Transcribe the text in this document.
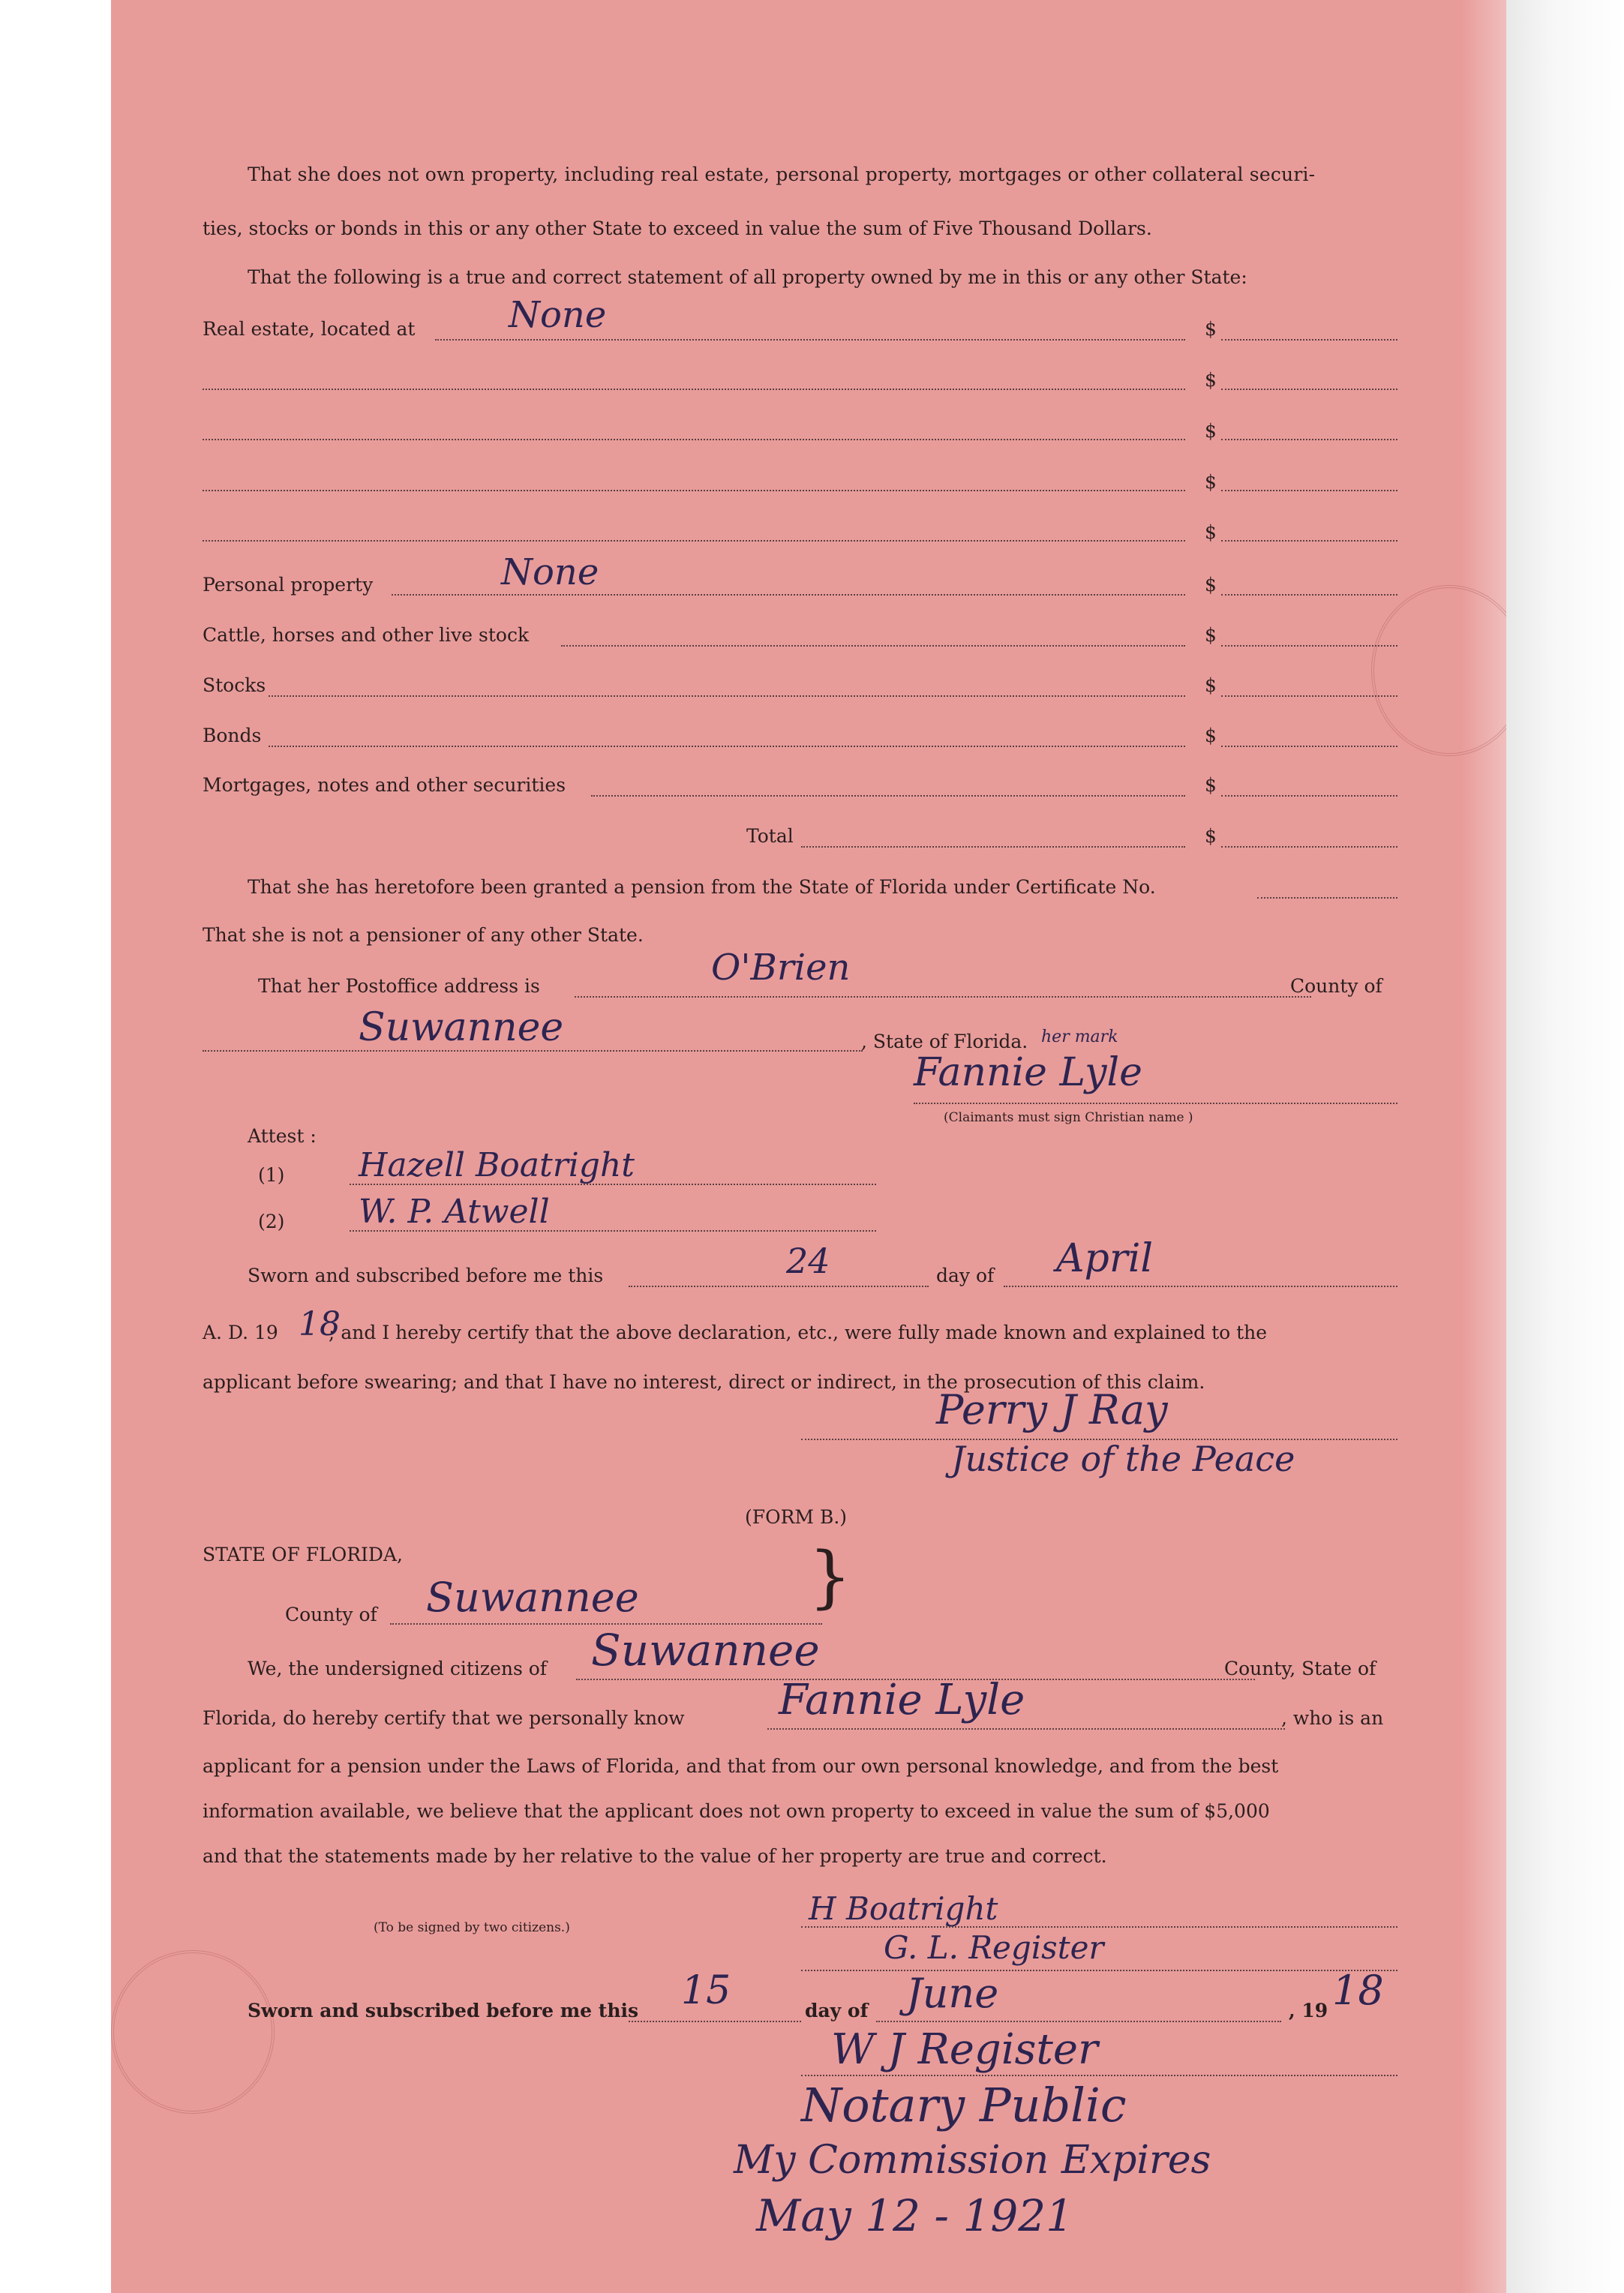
That she does not own property, including real estate, personal property, mortgages or other collateral securi-
ties, stocks or bonds in this or any other State to exceed in value the sum of Five Thousand Dollars.
That the following is a true and correct statement of all property owned by me in this or any other State:
Real estate, located at	None	$
$
$
$
$
Personal property	None	$
Cattle, horses and other live stock	$
Stocks	$
Bonds	$
Mortgages, notes and other securities	$
Total	$
That she has heretofore been granted a pension from the State of Florida under Certificate No.
That she is not a pensioner of any other State.
That her Postoffice address is	O'Brien	County of
Suwannee	, State of Florida. her mark
Fannie Lyle
(Claimants must sign Christian name )
Attest :
(1) Hazell Boatright
(2) W. P. Atwell
Sworn and subscribed before me this	24	day of April
A. D. 19 18
; and I hereby certify that the above declaration, etc., were fully made known and explained to the
applicant before swearing; and that I have no interest, direct or indirect, in the prosecution of this claim.
Perry J Ray
Justice of the Peace
(FORM B.)
STATE OF FLORIDA,
County of Suwannee	}
We, the undersigned citizens of Suwannee	County, State of
Florida, do hereby certify that we personally know Fannie Lyle	, who is an
applicant for a pension under the Laws of Florida, and that from our own personal knowledge, and from the best
information available, we believe that the applicant does not own property to exceed in value the sum of $5,000
and that the statements made by her relative to the value of her property are true and correct.
(To be signed by two citizens.)
H Boatright
G. L. Register
Sworn and subscribed before me this 15	day of June	, 19 18
W J Register
Notary Public
My Commission Expires
May 12 - 1921
